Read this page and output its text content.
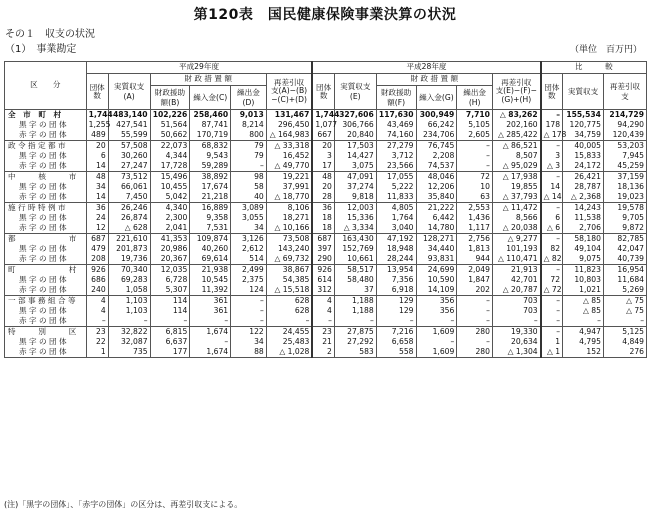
第120表　国民健康保険事業決算の状況
その１　収支の状況
（1）　事業勘定	（単位　百万円）
区　　分	平成29年度						平成28年度						比　　　較		
	団体数	実質収支(A)	財 政 措 置 額			再差引収　支(A)−(B)−(C)+(D)	団体数	実質収支(E)	財 政 措 置 額			再差引収　支(E)−(F)−(G)+(H)	団体数	実質収支	再差引収　支
			財政援助額(B)	繰入金(C)	繰出金(D)				財政援助額(F)	繰入金(G)	繰出金(H)				
全　市　町　村	1,744	483,140	102,226	258,460	9,013	131,467	1,744	327,606	117,630	300,949	7,710	△ 83,262	–	155,534	214,729
黒 字 の 団 体	1,255	427,541	51,564	87,741	8,214	296,450	1,077	306,766	43,469	66,242	5,105	202,160	178	120,775	94,290
赤 字 の 団 体	489	55,599	50,662	170,719	800	△ 164,983	667	20,840	74,160	234,706	2,605	△ 285,422	△ 178	34,759	120,439
政 令 指 定 都 市	20	57,508	22,073	68,832	79	△ 33,318	20	17,503	27,279	76,745	–	△ 86,521	–	40,005	53,203
黒 字 の 団 体	6	30,260	4,344	9,543	79	16,452	3	14,427	3,712	2,208	–	8,507	3	15,833	7,945
赤 字 の 団 体	14	27,247	17,728	59,289	–	△ 49,770	17	3,075	23,566	74,537	–	△ 95,029	△ 3	24,172	45,259
中　　　核　　　市	48	73,512	15,496	38,892	98	19,221	48	47,091	17,055	48,046	72	△ 17,938	–	26,421	37,159
黒 字 の 団 体	34	66,061	10,455	17,674	58	37,991	20	37,274	5,222	12,206	10	19,855	14	28,787	18,136
赤 字 の 団 体	14	7,450	5,042	21,218	40	△ 18,770	28	9,818	11,833	35,840	63	△ 37,793	△ 14	△ 2,368	19,023
施 行 時 特 例 市	36	26,246	4,340	16,889	3,089	8,106	36	12,003	4,805	21,222	2,553	△ 11,472	–	14,243	19,578
黒 字 の 団 体	24	26,874	2,300	9,358	3,055	18,271	18	15,336	1,764	6,442	1,436	8,566	6	11,538	9,705
赤 字 の 団 体	12	△ 628	2,041	7,531	34	△ 10,166	18	△ 3,334	3,040	14,780	1,117	△ 20,038	△ 6	2,706	9,872
都　　　　　　　市	687	221,610	41,353	109,874	3,126	73,508	687	163,430	47,192	128,271	2,756	△ 9,277	–	58,180	82,785
黒 字 の 団 体	479	201,873	20,986	40,260	2,612	143,240	397	152,769	18,948	34,440	1,813	101,193	82	49,104	42,047
赤 字 の 団 体	208	19,736	20,367	69,614	514	△ 69,732	290	10,661	28,244	93,831	944	△ 110,471	△ 82	9,075	40,739
町　　　　　　　村	926	70,340	12,035	21,938	2,499	38,867	926	58,517	13,954	24,699	2,049	21,913	–	11,823	16,954
黒 字 の 団 体	686	69,283	6,728	10,545	2,375	54,385	614	58,480	7,356	10,590	1,847	42,701	72	10,803	11,684
赤 字 の 団 体	240	1,058	5,307	11,392	124	△ 15,518	312	37	6,918	14,109	202	△ 20,787	△ 72	1,021	5,269
一 部 事 務 組 合 等	4	1,103	114	361	–	628	4	1,188	129	356	–	703	–	△ 85	△ 75
黒 字 の 団 体	4	1,103	114	361	–	628	4	1,188	129	356	–	703	–	△ 85	△ 75
赤 字 の 団 体	–	–	–	–	–	–	–	–	–	–	–	–	–	–	–
特　　　別　　　区	23	32,822	6,815	1,674	122	24,455	23	27,875	7,216	1,609	280	19,330	–	4,947	5,125
黒 字 の 団 体	22	32,087	6,637	–	34	25,483	21	27,292	6,658	–	–	20,634	1	4,795	4,849
赤 字 の 団 体	1	735	177	1,674	88	△ 1,028	2	583	558	1,609	280	△ 1,304	△ 1	152	276
(注)「黒字の団体」、「赤字の団体」の区分は、再差引収支による。
